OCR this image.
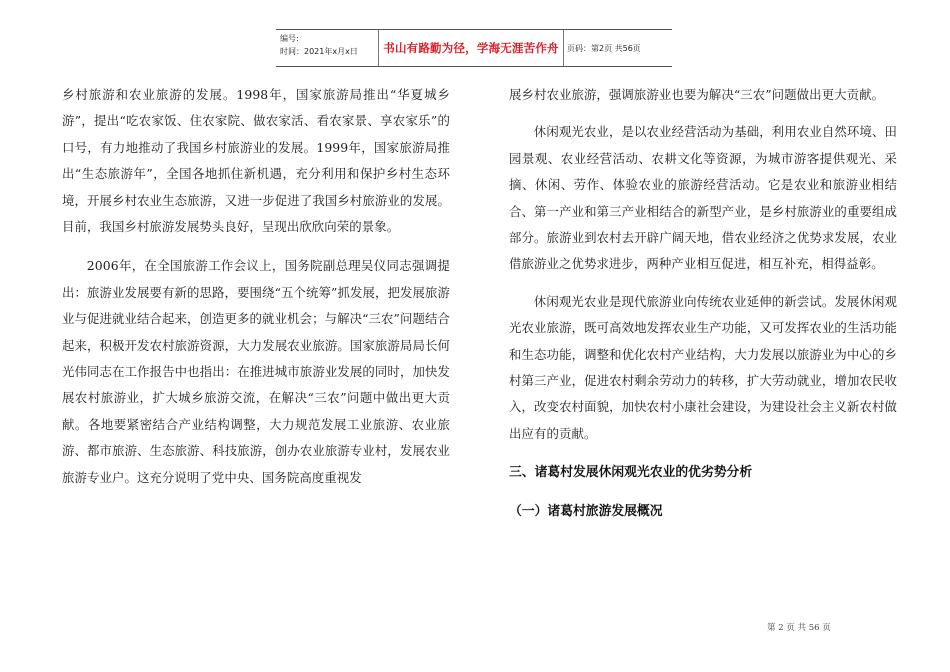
编号:
时间：2021年x月x日 书山有路勤为径，学海无涯苦作舟 页码：第2页 共56页

乡村旅游和农业旅游的发展。1998年，国家旅游局推出“华夏城乡游”，提出“吃农家饭、住农家院、做农家活、看农家景、享农家乐”的口号，有力地推动了我国乡村旅游业的发展。1999年，国家旅游局推出“生态旅游年”，全国各地抓住新机遇，充分利用和保护乡村生态环境，开展乡村农业生态旅游，又进一步促进了我国乡村旅游业的发展。目前，我国乡村旅游发展势头良好，呈现出欣欣向荣的景象。

2006年，在全国旅游工作会议上，国务院副总理吴仪同志强调提出：旅游业发展要有新的思路，要围绕“五个统筹”抓发展，把发展旅游业与促进就业结合起来，创造更多的就业机会；与解决“三农”问题结合起来，积极开发农村旅游资源，大力发展农业旅游。国家旅游局局长何光伟同志在工作报告中也指出：在推进城市旅游业发展的同时，加快发展农村旅游业，扩大城乡旅游交流，在解决“三农”问题中做出更大贡献。各地要紧密结合产业结构调整，大力规范发展工业旅游、农业旅游、都市旅游、生态旅游、科技旅游，创办农业旅游专业村，发展农业旅游专业户。这充分说明了党中央、国务院高度重视发

展乡村农业旅游，强调旅游业也要为解决“三农”问题做出更大贡献。

休闲观光农业，是以农业经营活动为基础，利用农业自然环境、田园景观、农业经营活动、农耕文化等资源，为城市游客提供观光、采摘、休闲、劳作、体验农业的旅游经营活动。它是农业和旅游业相结合、第一产业和第三产业相结合的新型产业，是乡村旅游业的重要组成部分。旅游业到农村去开辟广阔天地，借农业经济之优势求发展，农业借旅游业之优势求进步，两种产业相互促进，相互补充，相得益彰。

休闲观光农业是现代旅游业向传统农业延伸的新尝试。发展休闲观光农业旅游，既可高效地发挥农业生产功能，又可发挥农业的生活功能和生态功能，调整和优化农村产业结构，大力发展以旅游业为中心的乡村第三产业，促进农村剩余劳动力的转移，扩大劳动就业，增加农民收入，改变农村面貌，加快农村小康社会建设，为建设社会主义新农村做出应有的贡献。

三、诸葛村发展休闲观光农业的优劣势分析

（一）诸葛村旅游发展概况

第 2 页 共 56 页
